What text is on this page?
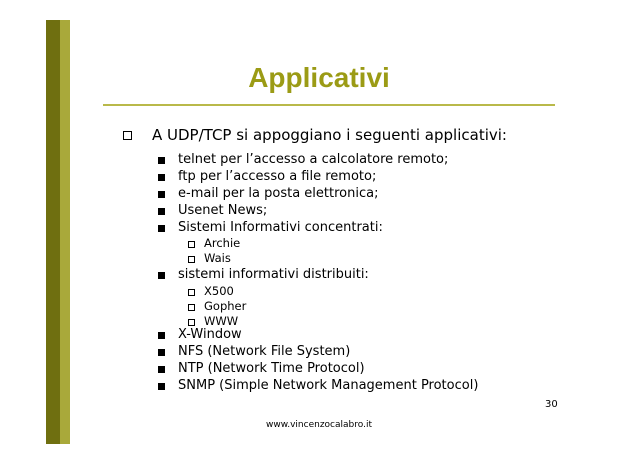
Applicativi
A UDP/TCP si appoggiano i seguenti applicativi:
telnet per l’accesso a calcolatore remoto;
ftp per l’accesso a file remoto;
e-mail per la posta elettronica;
Usenet News;
Sistemi Informativi concentrati:
Archie
Wais
sistemi informativi distribuiti:
X500
Gopher
WWW
X-Window
NFS (Network File System)
NTP (Network Time Protocol)
SNMP (Simple Network Management Protocol)
30
www.vincenzocalabro.it
